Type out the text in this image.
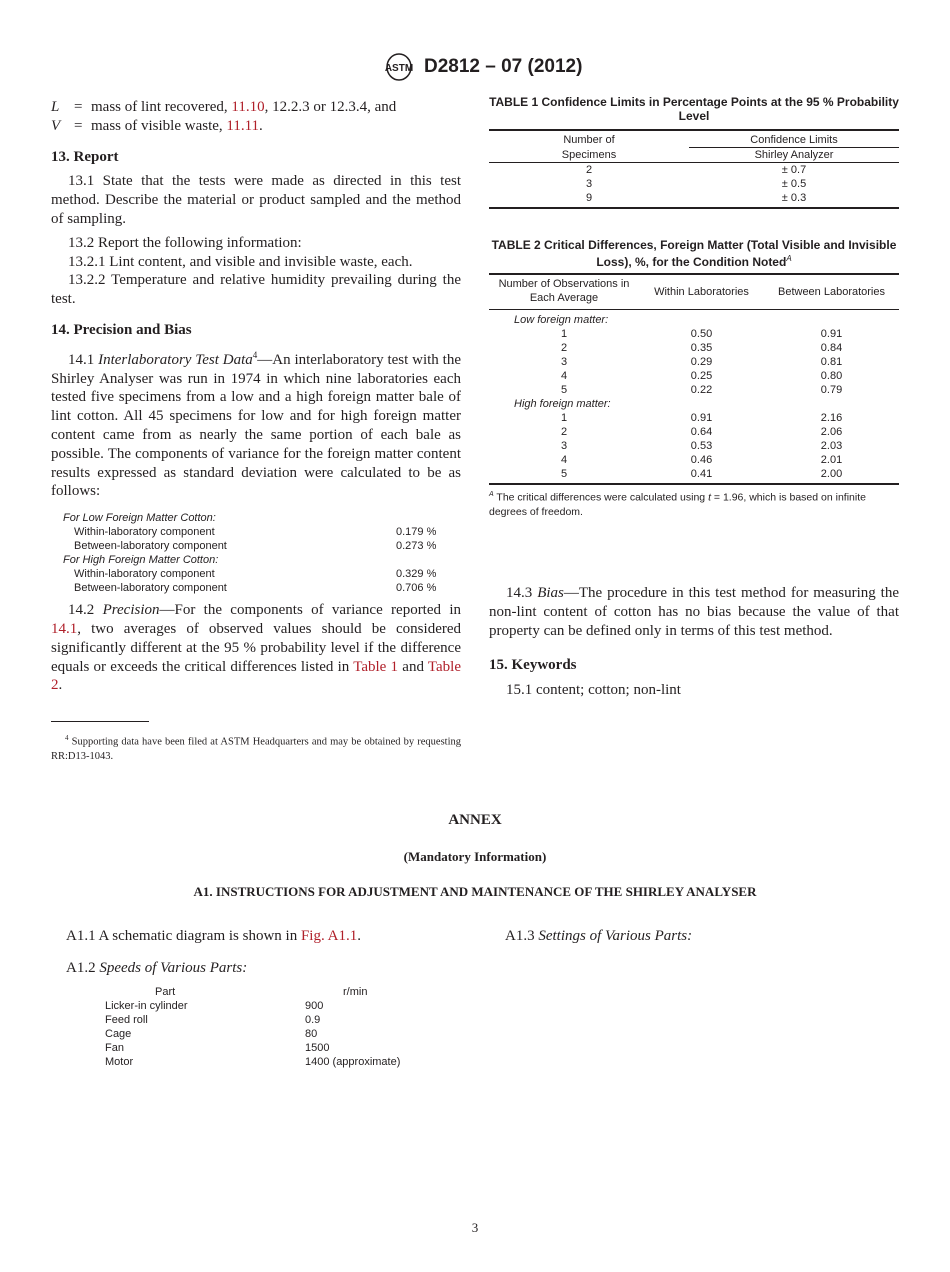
ASTM D2812 – 07 (2012)
L = mass of lint recovered, 11.10, 12.2.3 or 12.3.4, and
V = mass of visible waste, 11.11.
13. Report
13.1 State that the tests were made as directed in this test method. Describe the material or product sampled and the method of sampling.
13.2 Report the following information:
13.2.1 Lint content, and visible and invisible waste, each.
13.2.2 Temperature and relative humidity prevailing during the test.
14. Precision and Bias
14.1 Interlaboratory Test Data$^4$—An interlaboratory test with the Shirley Analyser was run in 1974 in which nine laboratories each tested five specimens from a low and a high foreign matter bale of lint cotton. All 45 specimens for low and for high foreign matter content came from as nearly the same portion of each bale as possible. The components of variance for the foreign matter content results expressed as standard deviation were calculated to be as follows:
For Low Foreign Matter Cotton:
Within-laboratory component	0.179 %
Between-laboratory component	0.273 %
For High Foreign Matter Cotton:
Within-laboratory component	0.329 %
Between-laboratory component	0.706 %
14.2 Precision—For the components of variance reported in 14.1, two averages of observed values should be considered significantly different at the 95 % probability level if the difference equals or exceeds the critical differences listed in Table 1 and Table 2.
$^4$ Supporting data have been filed at ASTM Headquarters and may be obtained by requesting RR:D13-1043.
TABLE 1 Confidence Limits in Percentage Points at the 95 % Probability Level
Number of	Confidence Limits
Specimens	Shirley Analyzer
2	± 0.7
3	± 0.5
9	± 0.3
TABLE 2 Critical Differences, Foreign Matter (Total Visible and Invisible Loss), %, for the Condition Noted$^A$
Number of Observations in Each Average	Within Laboratories	Between Laboratories
Low foreign matter:		
1	0.50	0.91
2	0.35	0.84
3	0.29	0.81
4	0.25	0.80
5	0.22	0.79
High foreign matter:		
1	0.91	2.16
2	0.64	2.06
3	0.53	2.03
4	0.46	2.01
5	0.41	2.00
$^A$ The critical differences were calculated using t = 1.96, which is based on infinite degrees of freedom.
14.3 Bias—The procedure in this test method for measuring the non-lint content of cotton has no bias because the value of that property can be defined only in terms of this test method.
15. Keywords
15.1 content; cotton; non-lint
ANNEX
(Mandatory Information)
A1. INSTRUCTIONS FOR ADJUSTMENT AND MAINTENANCE OF THE SHIRLEY ANALYSER
A1.1 A schematic diagram is shown in Fig. A1.1.	A1.3 Settings of Various Parts:
A1.2 Speeds of Various Parts:
Part	r/min
Licker-in cylinder	900
Feed roll	0.9
Cage	80
Fan	1500
Motor	1400 (approximate)
3
